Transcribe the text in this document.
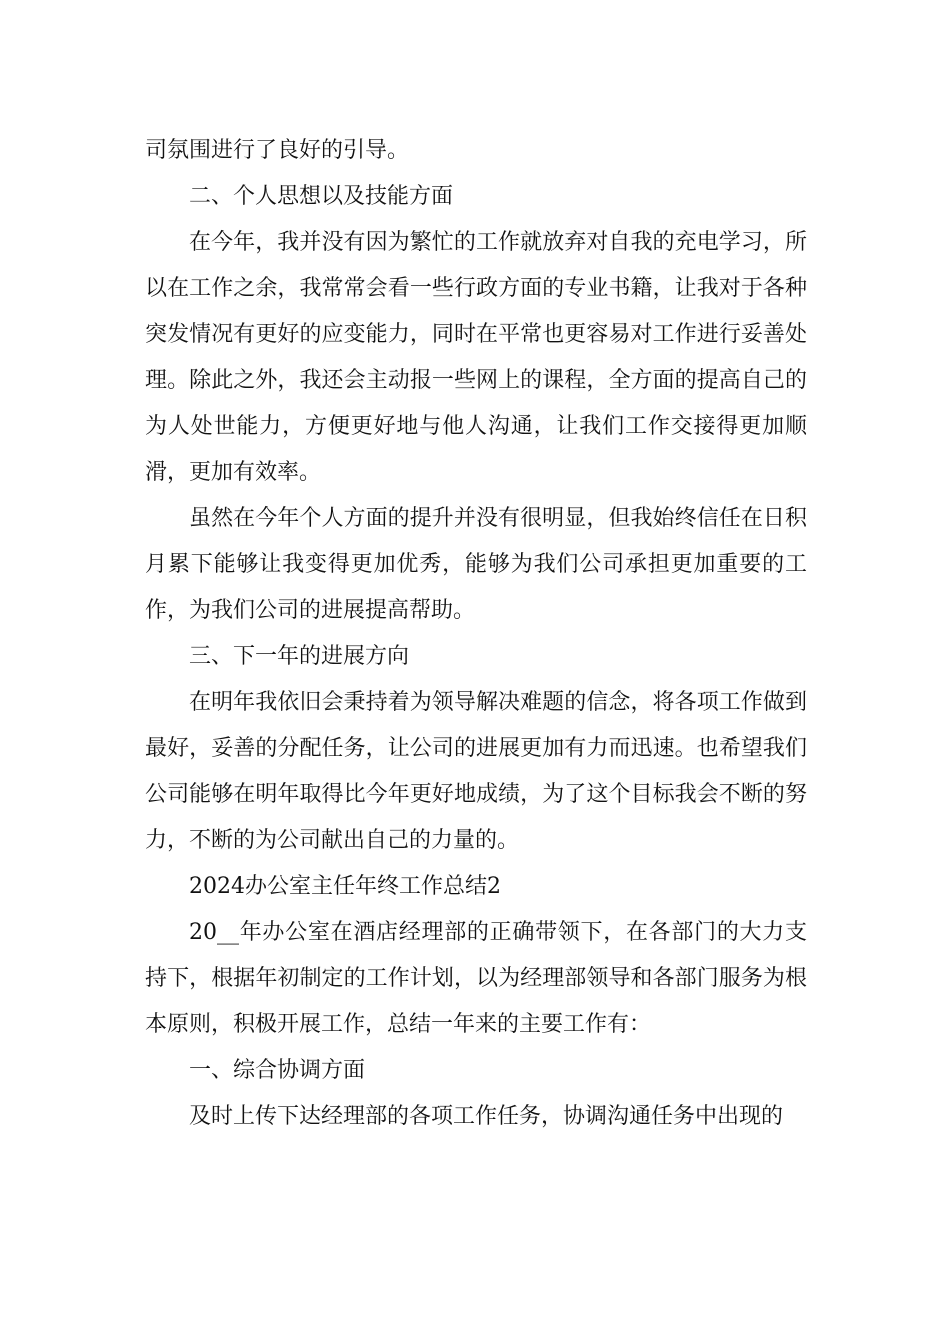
司氛围进行了良好的引导。

二、个人思想以及技能方面

在今年，我并没有因为繁忙的工作就放弃对自我的充电学习，所以在工作之余，我常常会看一些行政方面的专业书籍，让我对于各种突发情况有更好的应变能力，同时在平常也更容易对工作进行妥善处理。除此之外，我还会主动报一些网上的课程，全方面的提高自己的为人处世能力，方便更好地与他人沟通，让我们工作交接得更加顺滑，更加有效率。

虽然在今年个人方面的提升并没有很明显，但我始终信任在日积月累下能够让我变得更加优秀，能够为我们公司承担更加重要的工作，为我们公司的进展提高帮助。

三、下一年的进展方向

在明年我依旧会秉持着为领导解决难题的信念，将各项工作做到最好，妥善的分配任务，让公司的进展更加有力而迅速。也希望我们公司能够在明年取得比今年更好地成绩，为了这个目标我会不断的努力，不断的为公司献出自己的力量的。

2024办公室主任年终工作总结2

20__年办公室在酒店经理部的正确带领下，在各部门的大力支持下，根据年初制定的工作计划，以为经理部领导和各部门服务为根本原则，积极开展工作，总结一年来的主要工作有：

一、综合协调方面

及时上传下达经理部的各项工作任务，协调沟通任务中出现的
